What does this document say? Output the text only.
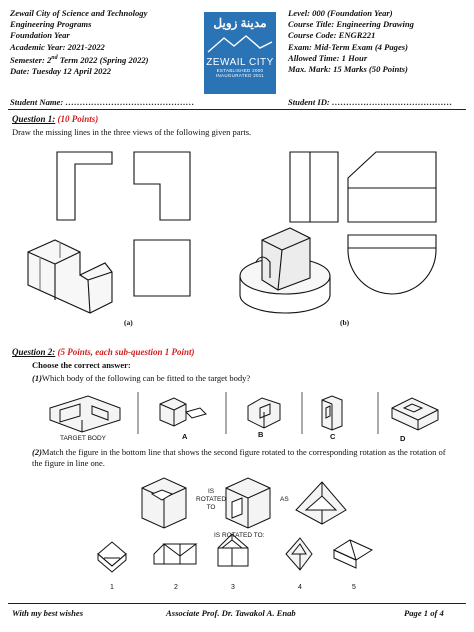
Zewail City of Science and Technology
Engineering Programs
Foundation Year
Academic Year: 2021-2022
Semester: 2nd Term 2022 (Spring 2022)
Date: Tuesday 12 April 2022
مدينة زويل
ZEWAIL CITY
ESTABLISHED 2000
INAUGURATED 2011
Level: 000 (Foundation Year)
Course Title: Engineering Drawing
Course Code: ENGR221
Exam: Mid-Term Exam (4 Pages)
Allowed Time: 1 Hour
Max. Mark: 15 Marks (50 Points)
Student Name: ………………………………………	Student ID: ……………………………………
Question 1: (10 Points)
Draw the missing lines in the three views of the following given parts.
(a)	(b)
Question 2: (5 Points, each sub-question 1 Point)
Choose the correct answer:
(1)Which body of the following can be fitted to the target body?
TARGET BODY	A	B	C	D
(2)Match the figure in the bottom line that shows the second figure rotated to the corresponding rotation as the rotation of the figure in line one.
IS
ROTATED
TO
AS
IS ROTATED TO:
1	2	3	4	5
With my best wishes	Associate Prof. Dr. Tawakol A. Enab	Page 1 of 4
